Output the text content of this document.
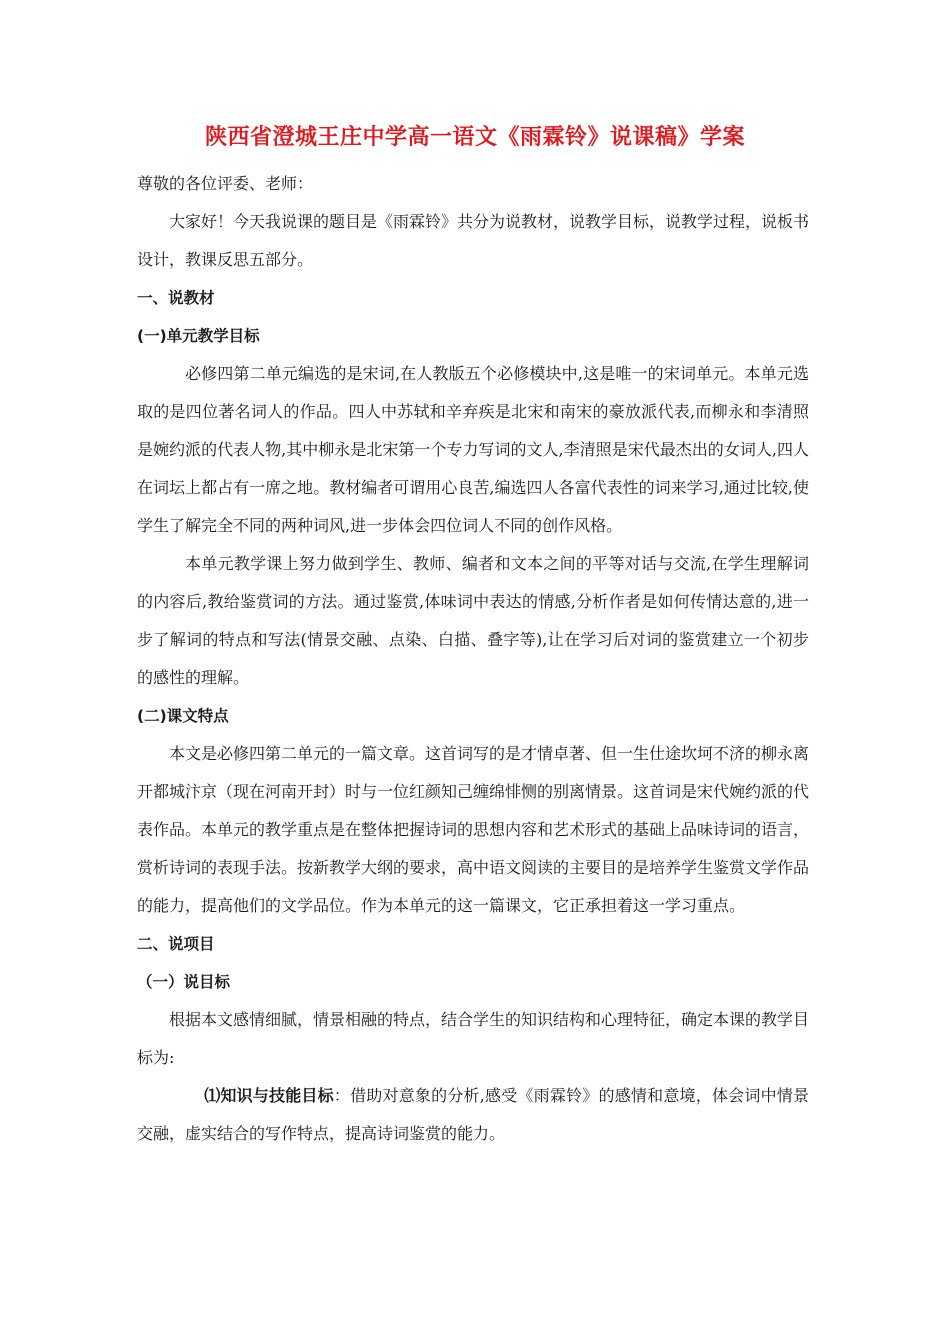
陕西省澄城王庄中学高一语文《雨霖铃》说课稿》学案

尊敬的各位评委、老师：

大家好！今天我说课的题目是《雨霖铃》共分为说教材，说教学目标，说教学过程，说板书设计，教课反思五部分。

一、说教材

(一)单元教学目标

必修四第二单元编选的是宋词,在人教版五个必修模块中,这是唯一的宋词单元。本单元选取的是四位著名词人的作品。四人中苏轼和辛弃疾是北宋和南宋的豪放派代表,而柳永和李清照是婉约派的代表人物,其中柳永是北宋第一个专力写词的文人,李清照是宋代最杰出的女词人,四人在词坛上都占有一席之地。教材编者可谓用心良苦,编选四人各富代表性的词来学习,通过比较,使学生了解完全不同的两种词风,进一步体会四位词人不同的创作风格。

本单元教学课上努力做到学生、教师、编者和文本之间的平等对话与交流,在学生理解词的内容后,教给鉴赏词的方法。通过鉴赏,体味词中表达的情感,分析作者是如何传情达意的,进一步了解词的特点和写法(情景交融、点染、白描、叠字等),让在学习后对词的鉴赏建立一个初步的感性的理解。

(二)课文特点

本文是必修四第二单元的一篇文章。这首词写的是才情卓著、但一生仕途坎坷不济的柳永离开都城汴京（现在河南开封）时与一位红颜知己缠绵悱恻的别离情景。这首词是宋代婉约派的代表作品。本单元的教学重点是在整体把握诗词的思想内容和艺术形式的基础上品味诗词的语言，赏析诗词的表现手法。按新教学大纲的要求，高中语文阅读的主要目的是培养学生鉴赏文学作品的能力，提高他们的文学品位。作为本单元的这一篇课文，它正承担着这一学习重点。

二、说项目

（一）说目标

根据本文感情细腻，情景相融的特点，结合学生的知识结构和心理特征，确定本课的教学目标为:

⑴知识与技能目标：借助对意象的分析,感受《雨霖铃》的感情和意境，体会词中情景交融，虚实结合的写作特点，提高诗词鉴赏的能力。
